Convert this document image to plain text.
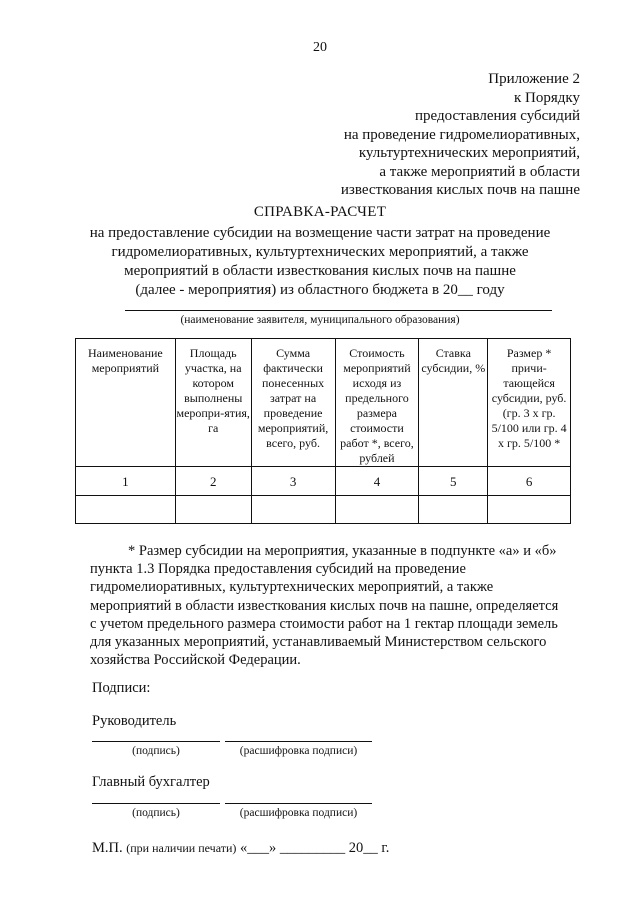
20
Приложение 2
к Порядку
предоставления субсидий
на проведение гидромелиоративных,
культуртехнических мероприятий,
а также мероприятий в области
известкования кислых почв на пашне
СПРАВКА-РАСЧЕТ
на предоставление субсидии на возмещение части затрат на проведение
гидромелиоративных, культуртехнических мероприятий, а также
мероприятий в области известкования кислых почв на пашне
(далее - мероприятия) из областного бюджета в 20__ году
(наименование заявителя, муниципального образования)
Наименование мероприятий	Площадь участка, на котором выполнены меропри-ятия, га	Сумма фактически понесенных затрат на проведение мероприятий, всего, руб.	Стоимость мероприятий исходя из предельного размера стоимости работ *, всего, рублей	Ставка субсидии, %	Размер * причи-тающейся субсидии, руб. (гр. 3 х гр. 5/100 или гр. 4 х гр. 5/100 *
1	2	3	4	5	6

* Размер субсидии на мероприятия, указанные в подпункте «а» и «б»

пункта 1.3 Порядка предоставления субсидий на проведение

гидромелиоративных, культуртехнических мероприятий, а также

мероприятий в области известкования кислых почв на пашне, определяется

с учетом предельного размера стоимости работ на 1 гектар площади земель

для указанных мероприятий, устанавливаемый Министерством сельского

хозяйства Российской Федерации.

Подписи:
Руководитель
(подпись)	(расшифровка подписи)
Главный бухгалтер
(подпись)	(расшифровка подписи)
М.П. (при наличии печати) «___» _________ 20__ г.
